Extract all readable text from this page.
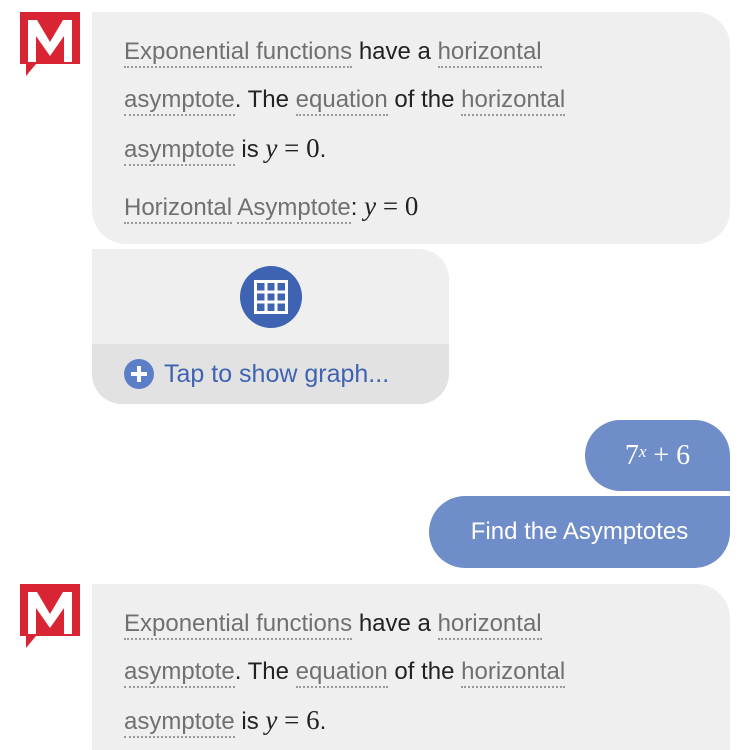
Exponential functions have a horizontal
asymptote. The equation of the horizontal
asymptote is y = 0.
Horizontal Asymptote: y = 0
Tap to show graph...
$7^x + 6$
Find the Asymptotes
Exponential functions have a horizontal
asymptote. The equation of the horizontal
asymptote is y = 6.
